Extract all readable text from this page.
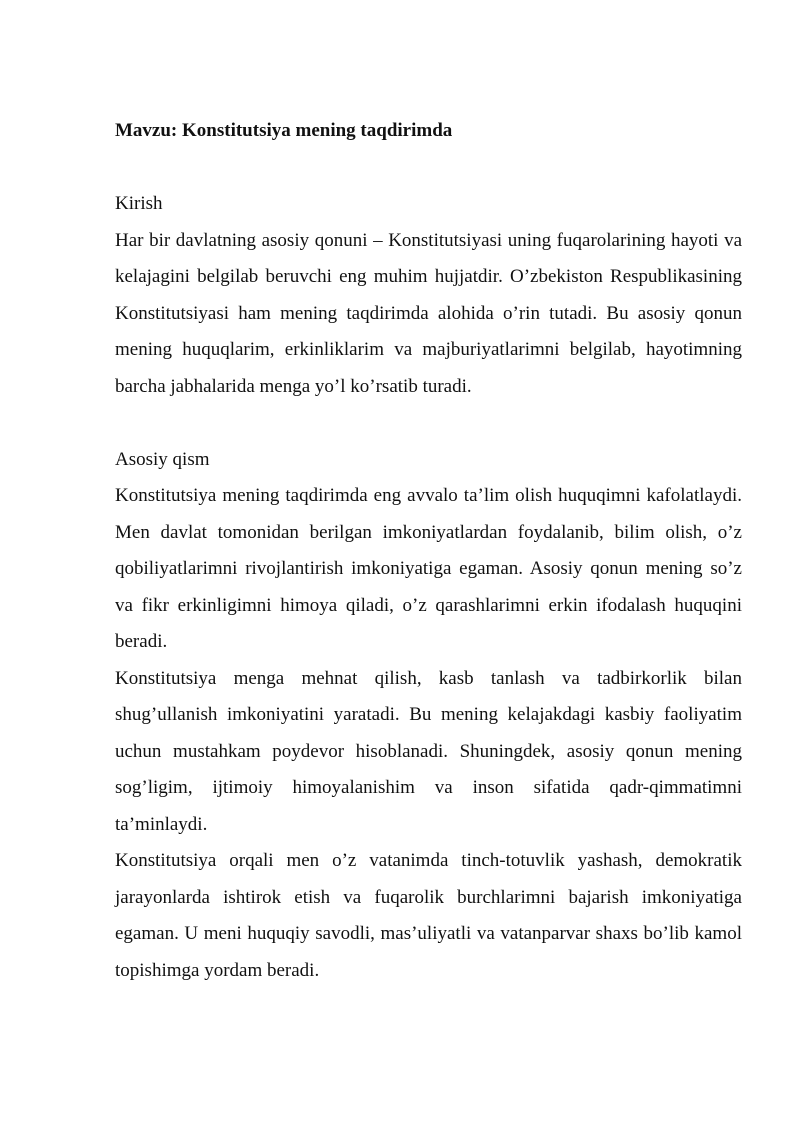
Mavzu: Konstitutsiya mening taqdirimda

Kirish

Har bir davlatning asosiy qonuni – Konstitutsiyasi uning fuqarolarining hayoti va kelajagini belgilab beruvchi eng muhim hujjatdir. O’zbekiston Respublikasining Konstitutsiyasi ham mening taqdirimda alohida o’rin tutadi. Bu asosiy qonun mening huquqlarim, erkinliklarim va majburiyatlarimni belgilab, hayotimning barcha jabhalarida menga yo’l ko’rsatib turadi.

Asosiy qism

Konstitutsiya mening taqdirimda eng avvalo ta’lim olish huquqimni kafolatlaydi. Men davlat tomonidan berilgan imkoniyatlardan foydalanib, bilim olish, o’z qobiliyatlarimni rivojlantirish imkoniyatiga egaman. Asosiy qonun mening so’z va fikr erkinligimni himoya qiladi, o’z qarashlarimni erkin ifodalash huquqini beradi.

Konstitutsiya menga mehnat qilish, kasb tanlash va tadbirkorlik bilan shug’ullanish imkoniyatini yaratadi. Bu mening kelajakdagi kasbiy faoliyatim uchun mustahkam poydevor hisoblanadi. Shuningdek, asosiy qonun mening sog’ligim, ijtimoiy himoyalanishim va inson sifatida qadr-qimmatimni ta’minlaydi.

Konstitutsiya orqali men o’z vatanimda tinch-totuvlik yashash, demokratik jarayonlarda ishtirok etish va fuqarolik burchlarimni bajarish imkoniyatiga egaman. U meni huquqiy savodli, mas’uliyatli va vatanparvar shaxs bo’lib kamol topishimga yordam beradi.
